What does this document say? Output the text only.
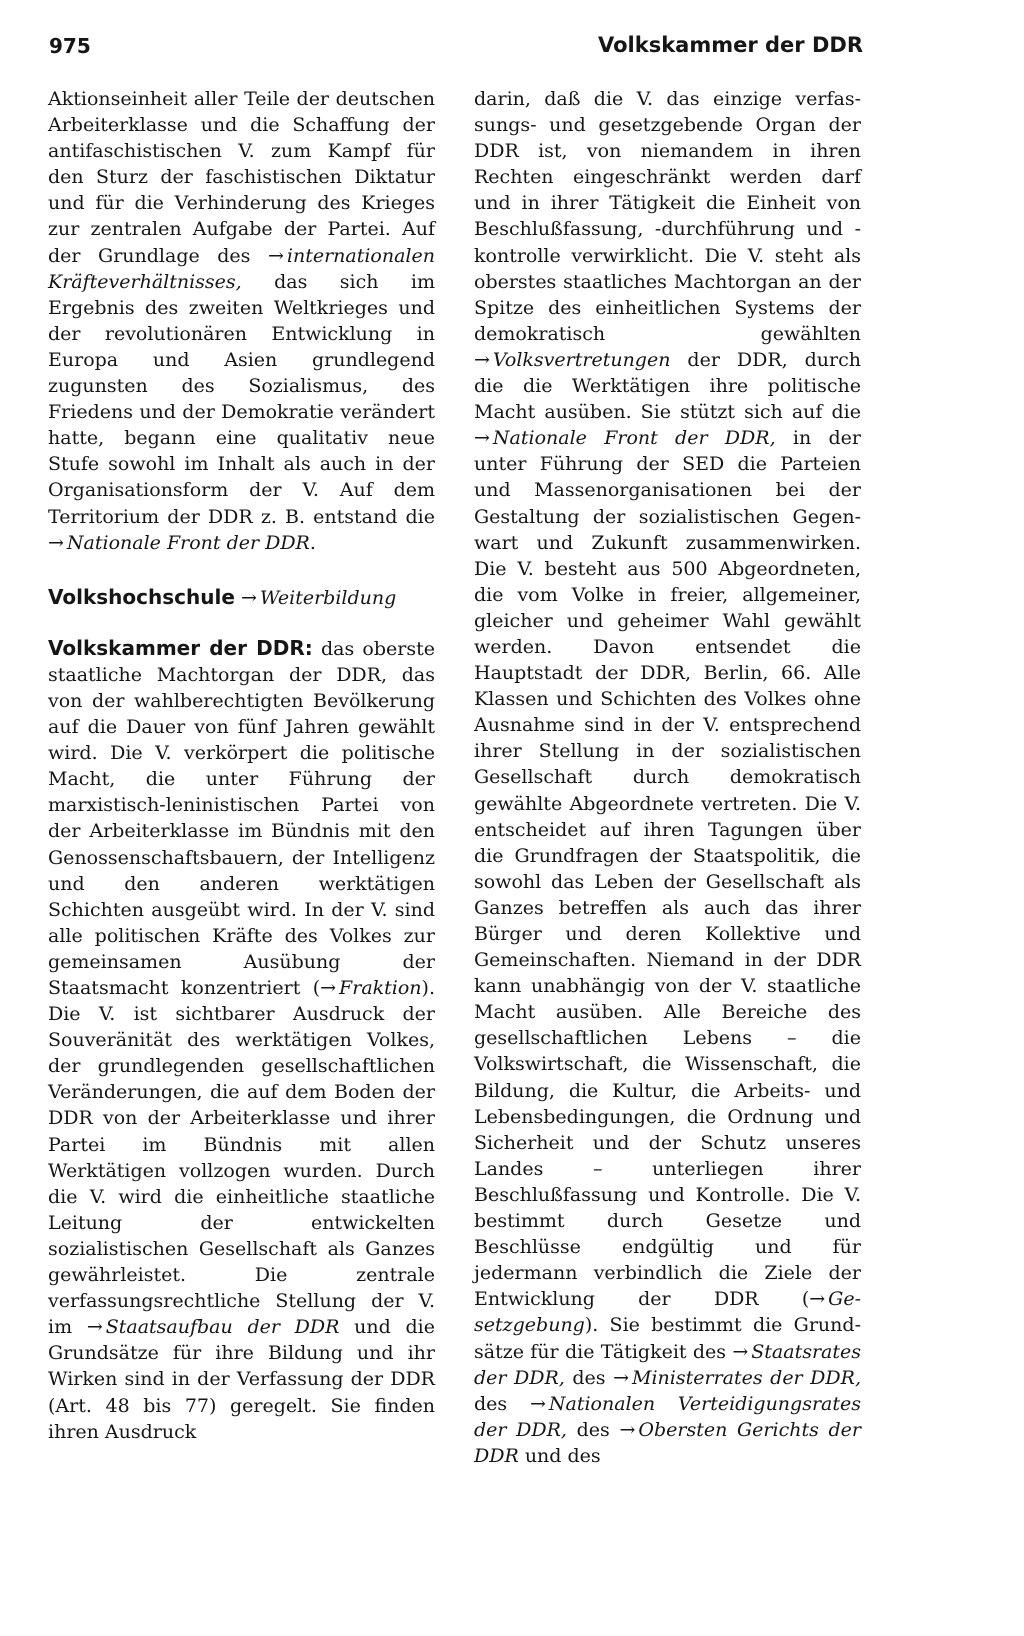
975	Volkskammer der DDR

Aktionseinheit aller Teile der deutschen Arbeiterklasse und die Schaffung der antifaschistischen V. zum Kampf für den Sturz der faschistischen Diktatur und für die Verhinderung des Krieges zur zentralen Aufgabe der Partei. Auf der Grundlage des → internationalen Kräfteverhältnisses, das sich im Ergebnis des zweiten Weltkrieges und der revolutionären Entwicklung in Europa und Asien grundlegend zugunsten des Sozialismus, des Friedens und der Demokratie verändert hatte, begann eine qualitativ neue Stufe sowohl im Inhalt als auch in der Organisationsform der V. Auf dem Territorium der DDR z. B. entstand die → Nationale Front der DDR.

Volkshochschule → Weiterbildung

Volkskammer der DDR: das oberste staatliche Machtorgan der DDR, das von der wahlberechtigten Bevölkerung auf die Dauer von fünf Jahren gewählt wird. Die V. verkörpert die politische Macht, die unter Führung der marxistisch-leninistischen Partei von der Arbeiterklasse im Bündnis mit den Genossenschaftsbauern, der Intelligenz und den anderen werktätigen Schichten ausgeübt wird. In der V. sind alle politischen Kräfte des Volkes zur gemeinsamen Ausübung der Staatsmacht konzentriert (→ Fraktion). Die V. ist sichtbarer Ausdruck der Souveränität des werktätigen Volkes, der grundlegenden gesellschaftlichen Veränderungen, die auf dem Boden der DDR von der Arbeiterklasse und ihrer Partei im Bündnis mit allen Werktätigen vollzogen wurden. Durch die V. wird die einheitliche staatliche Leitung der entwickelten sozialistischen Gesellschaft als Ganzes gewährleistet. Die zentrale verfassungsrechtliche Stellung der V. im → Staatsaufbau der DDR und die Grundsätze für ihre Bildung und ihr Wirken sind in der Verfassung der DDR (Art. 48 bis 77) geregelt. Sie finden ihren Ausdruck

darin, daß die V. das einzige verfassungs- und gesetzgebende Organ der DDR ist, von niemandem in ihren Rechten eingeschränkt werden darf und in ihrer Tätigkeit die Einheit von Beschlußfassung, -durchführung und -kontrolle verwirklicht. Die V. steht als oberstes staatliches Machtorgan an der Spitze des einheitlichen Systems der demokratisch gewählten → Volksvertretungen der DDR, durch die die Werktätigen ihre politische Macht ausüben. Sie stützt sich auf die → Nationale Front der DDR, in der unter Führung der SED die Parteien und Massenorganisationen bei der Gestaltung der sozialistischen Gegenwart und Zukunft zusammenwirken. Die V. besteht aus 500 Abgeordneten, die vom Volke in freier, allgemeiner, gleicher und geheimer Wahl gewählt werden. Davon entsendet die Hauptstadt der DDR, Berlin, 66. Alle Klassen und Schichten des Volkes ohne Ausnahme sind in der V. entsprechend ihrer Stellung in der sozialistischen Gesellschaft durch demokratisch gewählte Abgeordnete vertreten. Die V. entscheidet auf ihren Tagungen über die Grundfragen der Staatspolitik, die sowohl das Leben der Gesellschaft als Ganzes betreffen als auch das ihrer Bürger und deren Kollektive und Gemeinschaften. Niemand in der DDR kann unabhängig von der V. staatliche Macht ausüben. Alle Bereiche des gesellschaftlichen Lebens – die Volkswirtschaft, die Wissenschaft, die Bildung, die Kultur, die Arbeits- und Lebensbedingungen, die Ordnung und Sicherheit und der Schutz unseres Landes – unterliegen ihrer Beschlußfassung und Kontrolle. Die V. bestimmt durch Gesetze und Beschlüsse endgültig und für jedermann verbindlich die Ziele der Entwicklung der DDR (→ Gesetzgebung). Sie bestimmt die Grundsätze für die Tätigkeit des → Staatsrates der DDR, des → Ministerrates der DDR, des → Nationalen Verteidigungsrates der DDR, des → Obersten Gerichts der DDR und des
